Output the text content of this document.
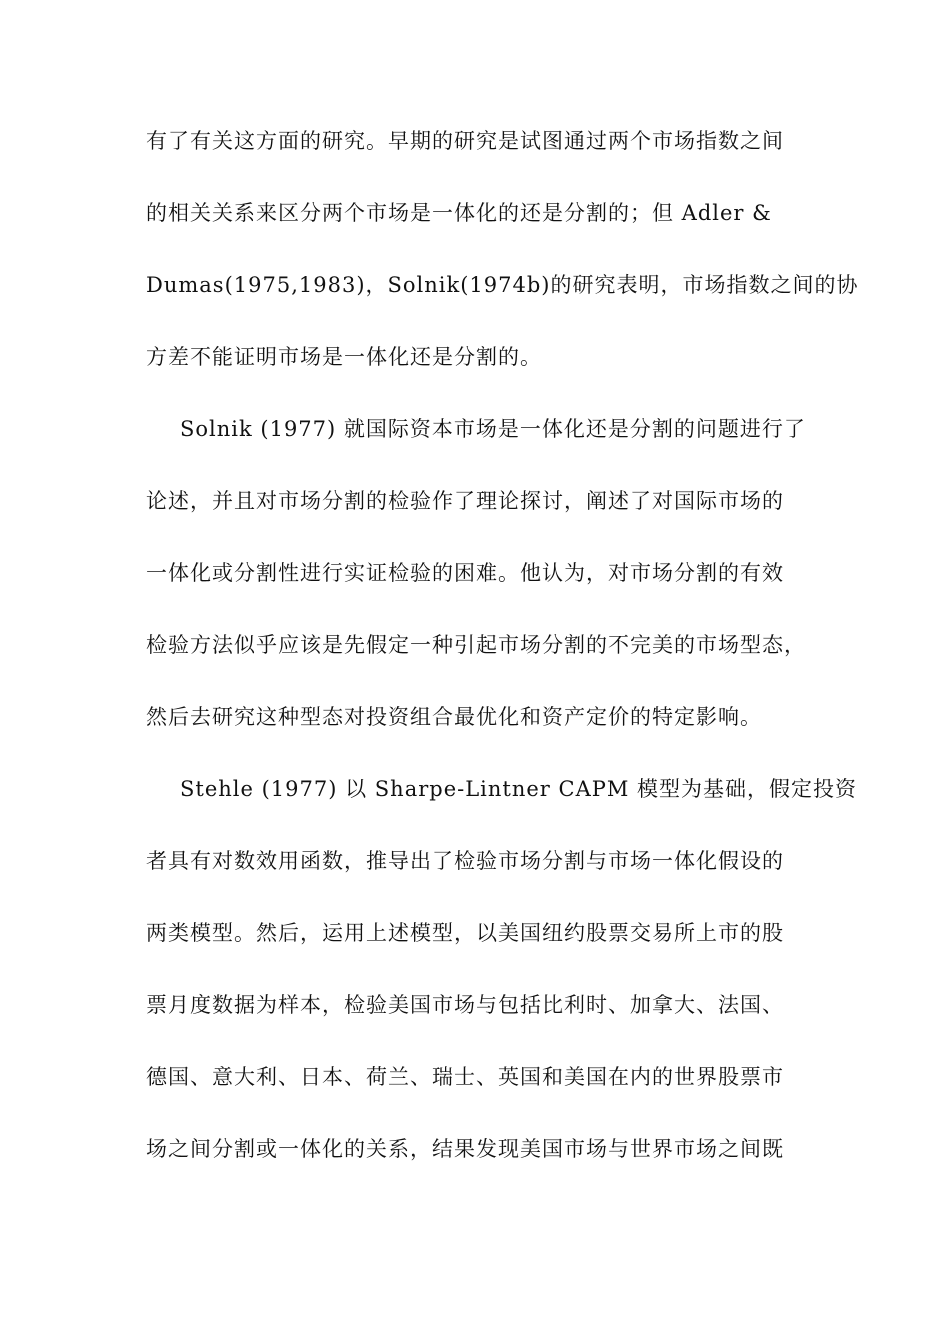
有了有关这方面的研究。早期的研究是试图通过两个市场指数之间
的相关关系来区分两个市场是一体化的还是分割的；但 Adler &
Dumas(1975,1983)，Solnik(1974b)的研究表明，市场指数之间的协
方差不能证明市场是一体化还是分割的。
Solnik (1977) 就国际资本市场是一体化还是分割的问题进行了
论述，并且对市场分割的检验作了理论探讨，阐述了对国际市场的
一体化或分割性进行实证检验的困难。他认为，对市场分割的有效
检验方法似乎应该是先假定一种引起市场分割的不完美的市场型态，
然后去研究这种型态对投资组合最优化和资产定价的特定影响。
Stehle (1977) 以 Sharpe-Lintner CAPM 模型为基础，假定投资
者具有对数效用函数，推导出了检验市场分割与市场一体化假设的
两类模型。然后，运用上述模型，以美国纽约股票交易所上市的股
票月度数据为样本，检验美国市场与包括比利时、加拿大、法国、
德国、意大利、日本、荷兰、瑞士、英国和美国在内的世界股票市
场之间分割或一体化的关系，结果发现美国市场与世界市场之间既
